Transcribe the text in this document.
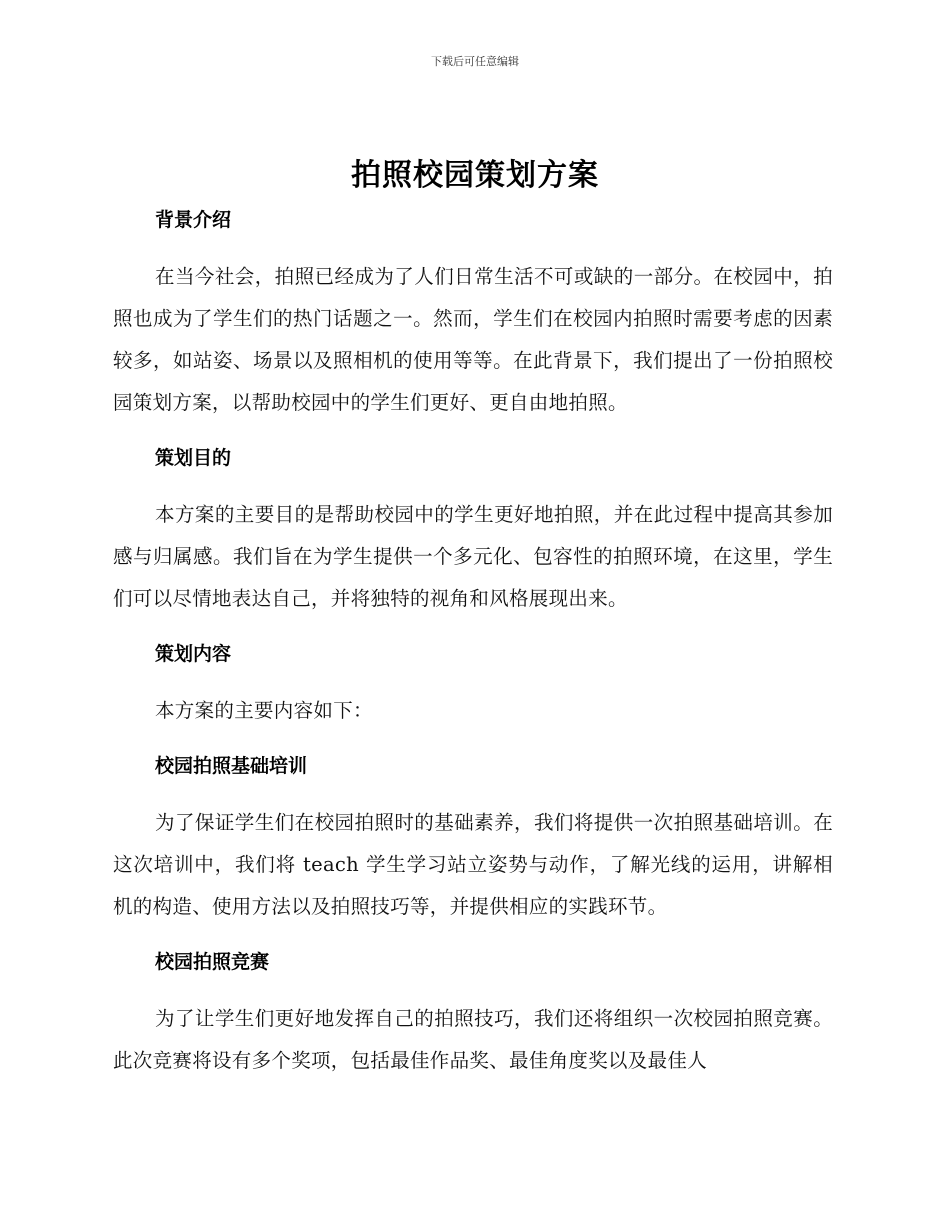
下载后可任意编辑
拍照校园策划方案
背景介绍

在当今社会，拍照已经成为了人们日常生活不可或缺的一部分。在校园中，拍照也成为了学生们的热门话题之一。然而，学生们在校园内拍照时需要考虑的因素较多，如站姿、场景以及照相机的使用等等。在此背景下，我们提出了一份拍照校园策划方案，以帮助校园中的学生们更好、更自由地拍照。

策划目的

本方案的主要目的是帮助校园中的学生更好地拍照，并在此过程中提高其参加感与归属感。我们旨在为学生提供一个多元化、包容性的拍照环境，在这里，学生们可以尽情地表达自己，并将独特的视角和风格展现出来。

策划内容

本方案的主要内容如下：

校园拍照基础培训

为了保证学生们在校园拍照时的基础素养，我们将提供一次拍照基础培训。在这次培训中，我们将 teach 学生学习站立姿势与动作，了解光线的运用，讲解相机的构造、使用方法以及拍照技巧等，并提供相应的实践环节。

校园拍照竞赛

为了让学生们更好地发挥自己的拍照技巧，我们还将组织一次校园拍照竞赛。此次竞赛将设有多个奖项，包括最佳作品奖、最佳角度奖以及最佳人
